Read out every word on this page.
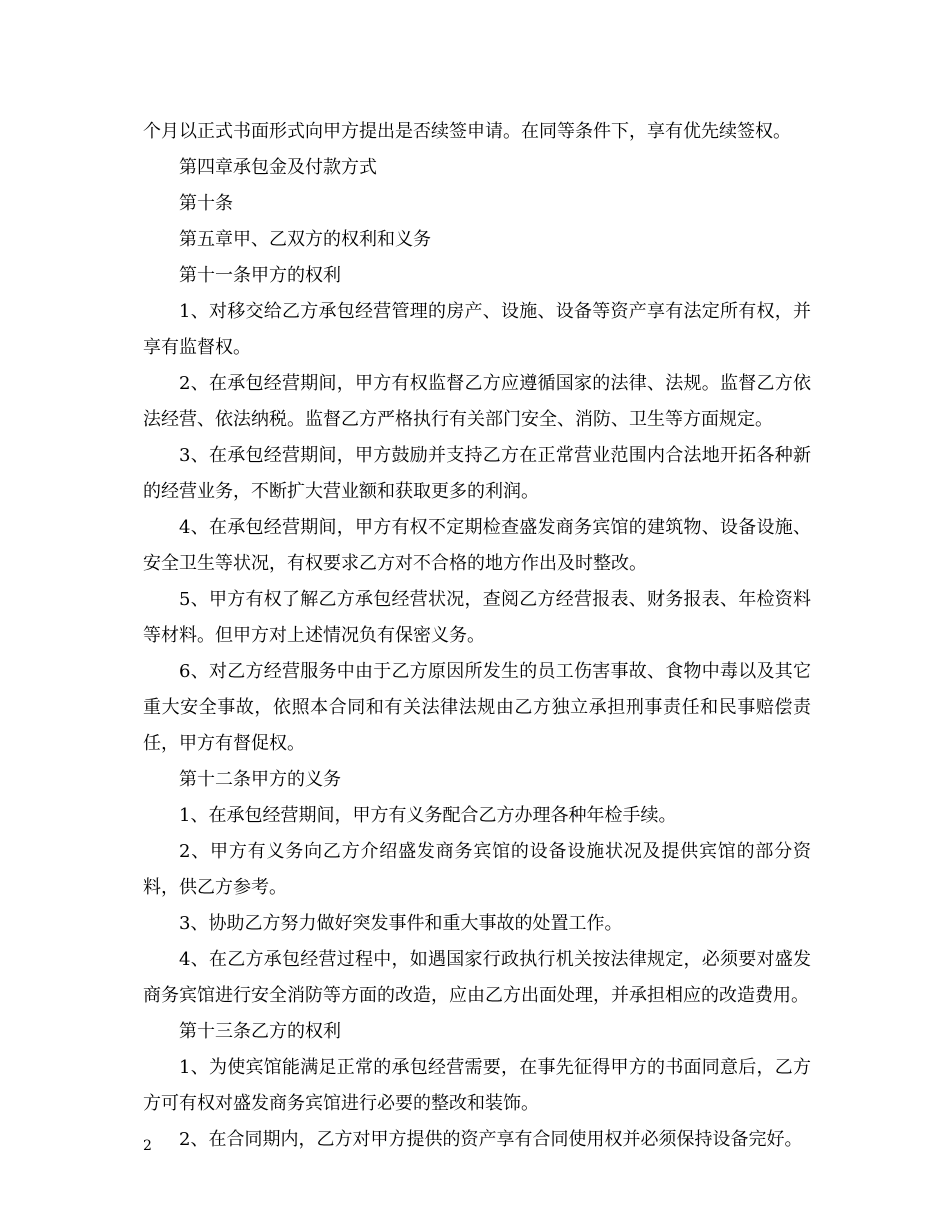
个月以正式书面形式向甲方提出是否续签申请。在同等条件下，享有优先续签权。

第四章承包金及付款方式

第十条

第五章甲、乙双方的权利和义务

第十一条甲方的权利

1、对移交给乙方承包经营管理的房产、设施、设备等资产享有法定所有权，并享有监督权。

2、在承包经营期间，甲方有权监督乙方应遵循国家的法律、法规。监督乙方依法经营、依法纳税。监督乙方严格执行有关部门安全、消防、卫生等方面规定。

3、在承包经营期间，甲方鼓励并支持乙方在正常营业范围内合法地开拓各种新的经营业务，不断扩大营业额和获取更多的利润。

4、在承包经营期间，甲方有权不定期检查盛发商务宾馆的建筑物、设备设施、安全卫生等状况，有权要求乙方对不合格的地方作出及时整改。

5、甲方有权了解乙方承包经营状况，查阅乙方经营报表、财务报表、年检资料等材料。但甲方对上述情况负有保密义务。

6、对乙方经营服务中由于乙方原因所发生的员工伤害事故、食物中毒以及其它重大安全事故，依照本合同和有关法律法规由乙方独立承担刑事责任和民事赔偿责任，甲方有督促权。

第十二条甲方的义务

1、在承包经营期间，甲方有义务配合乙方办理各种年检手续。

2、甲方有义务向乙方介绍盛发商务宾馆的设备设施状况及提供宾馆的部分资料，供乙方参考。

3、协助乙方努力做好突发事件和重大事故的处置工作。

4、在乙方承包经营过程中，如遇国家行政执行机关按法律规定，必须要对盛发商务宾馆进行安全消防等方面的改造，应由乙方出面处理，并承担相应的改造费用。

第十三条乙方的权利

1、为使宾馆能满足正常的承包经营需要，在事先征得甲方的书面同意后，乙方方可有权对盛发商务宾馆进行必要的整改和装饰。

2、在合同期内，乙方对甲方提供的资产享有合同使用权并必须保持设备完好。

2
